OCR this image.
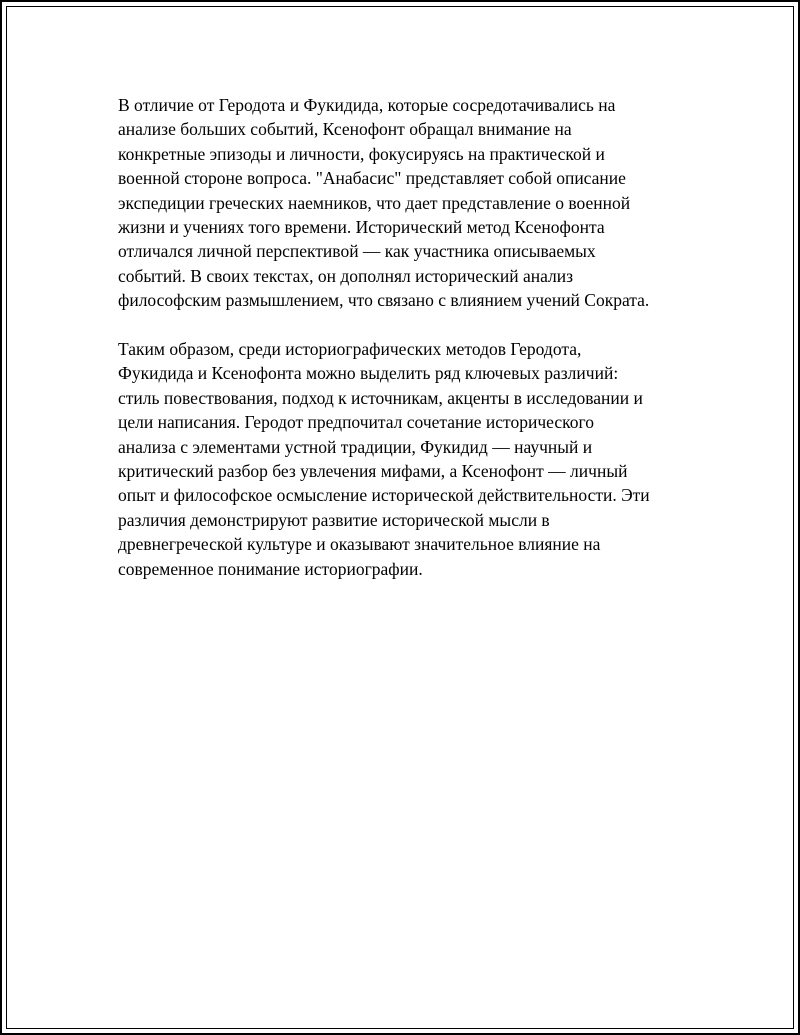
В отличие от Геродота и Фукидида, которые сосредотачивались на
анализе больших событий, Ксенофонт обращал внимание на
конкретные эпизоды и личности, фокусируясь на практической и
военной стороне вопроса. "Анабасис" представляет собой описание
экспедиции греческих наемников, что дает представление о военной
жизни и учениях того времени. Исторический метод Ксенофонта
отличался личной перспективой — как участника описываемых
событий. В своих текстах, он дополнял исторический анализ
философским размышлением, что связано с влиянием учений Сократа.

Таким образом, среди историографических методов Геродота,
Фукидида и Ксенофонта можно выделить ряд ключевых различий:
стиль повествования, подход к источникам, акценты в исследовании и
цели написания. Геродот предпочитал сочетание исторического
анализа с элементами устной традиции, Фукидид — научный и
критический разбор без увлечения мифами, а Ксенофонт — личный
опыт и философское осмысление исторической действительности. Эти
различия демонстрируют развитие исторической мысли в
древнегреческой культуре и оказывают значительное влияние на
современное понимание историографии.
